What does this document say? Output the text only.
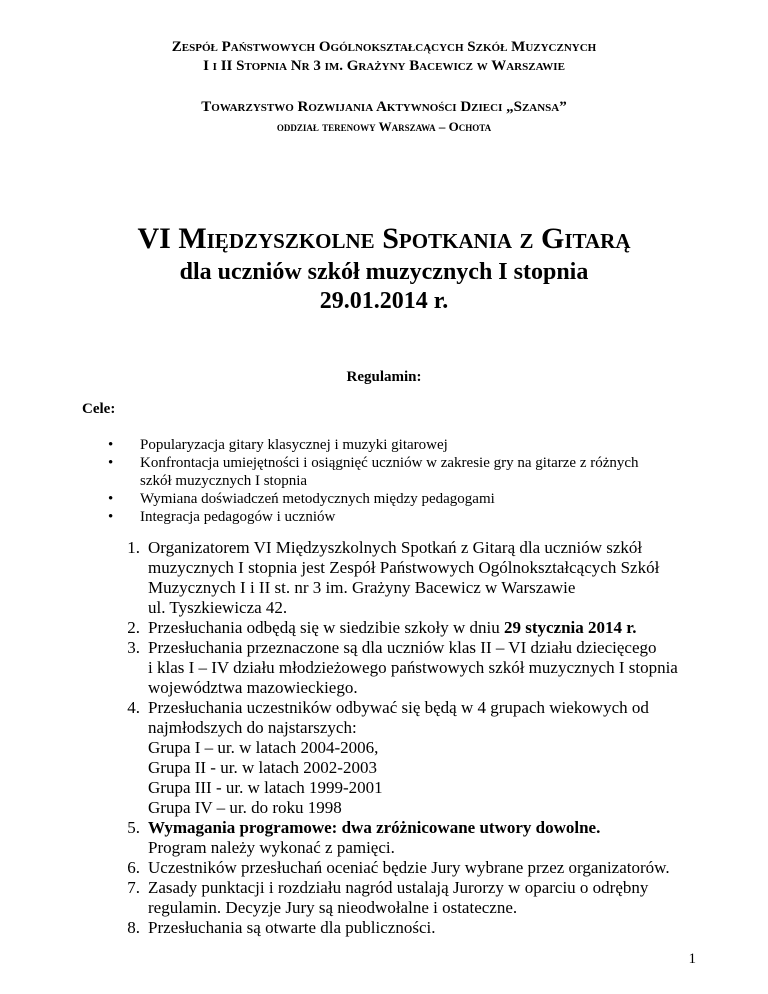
Zespół Państwowych Ogólnokształcących Szkół Muzycznych
I i II Stopnia Nr 3 im. Grażyny Bacewicz w Warszawie
Towarzystwo Rozwijania Aktywności Dzieci „Szansa”
oddział terenowy Warszawa – Ochota
VI Międzyszkolne Spotkania z Gitarą
dla uczniów szkół muzycznych I stopnia
29.01.2014 r.
Regulamin:
Cele:
• Popularyzacja gitary klasycznej i muzyki gitarowej
• Konfrontacja umiejętności i osiągnięć uczniów w zakresie gry na gitarze z różnych
szkół muzycznych I stopnia
• Wymiana doświadczeń metodycznych między pedagogami
• Integracja pedagogów i uczniów
1. Organizatorem VI Międzyszkolnych Spotkań z Gitarą dla uczniów szkół
muzycznych I stopnia jest Zespół Państwowych Ogólnokształcących Szkół
Muzycznych I i II st. nr 3 im. Grażyny Bacewicz w Warszawie
ul. Tyszkiewicza 42.
2. Przesłuchania odbędą się w siedzibie szkoły w dniu 29 stycznia 2014 r.
3. Przesłuchania przeznaczone są dla uczniów klas II – VI działu dziecięcego
i klas I – IV działu młodzieżowego państwowych szkół muzycznych I stopnia
województwa mazowieckiego.
4. Przesłuchania uczestników odbywać się będą w 4 grupach wiekowych od
najmłodszych do najstarszych:
Grupa I – ur. w latach 2004-2006,
Grupa II - ur. w latach 2002-2003
Grupa III - ur. w latach 1999-2001
Grupa IV – ur. do roku 1998
5. Wymagania programowe: dwa zróżnicowane utwory dowolne.
Program należy wykonać z pamięci.
6. Uczestników przesłuchań oceniać będzie Jury wybrane przez organizatorów.
7. Zasady punktacji i rozdziału nagród ustalają Jurorzy w oparciu o odrębny
regulamin. Decyzje Jury są nieodwołalne i ostateczne.
8. Przesłuchania są otwarte dla publiczności.
1
